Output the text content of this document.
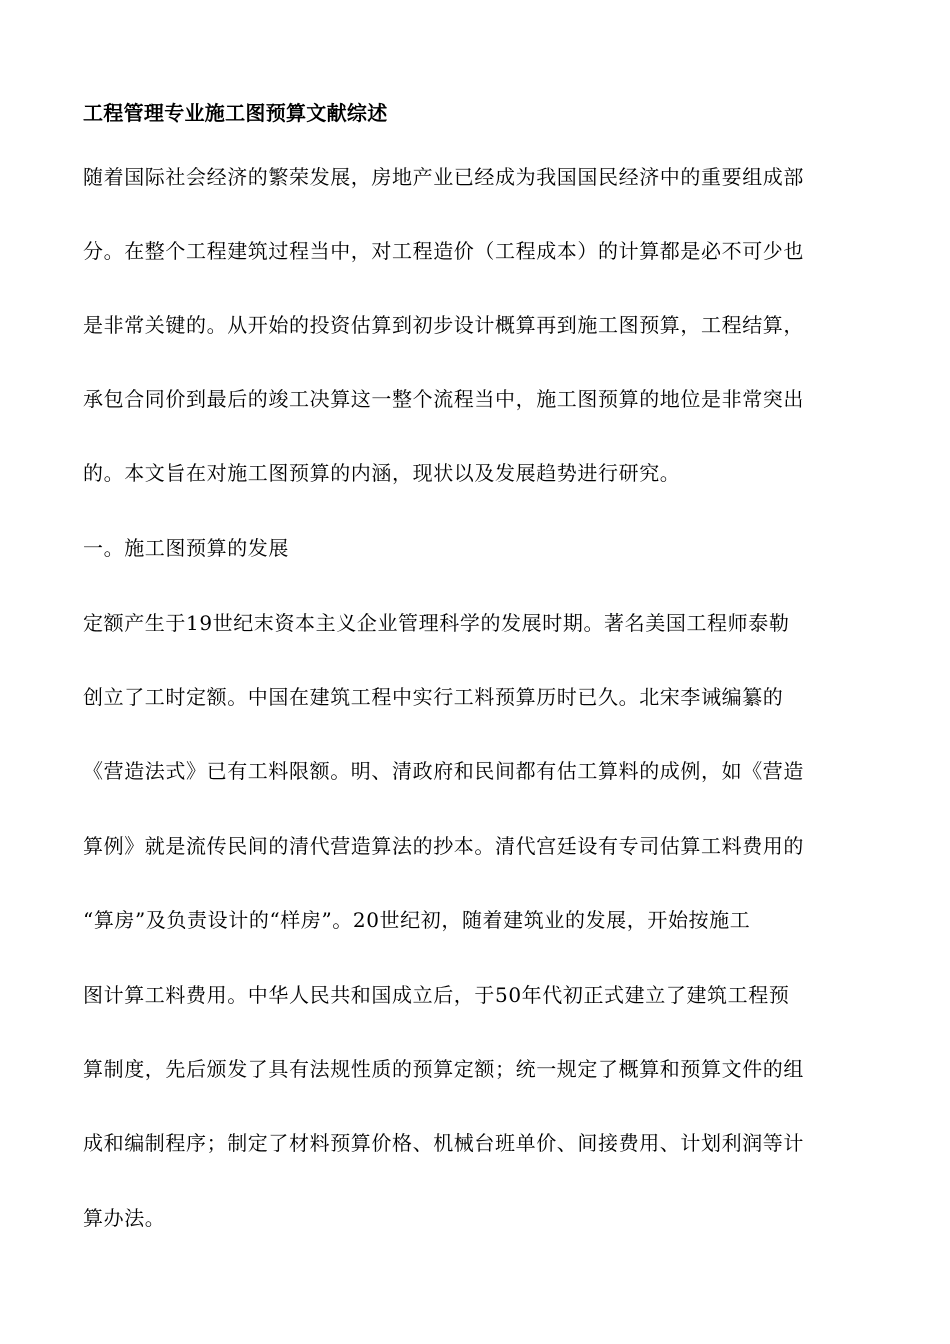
工程管理专业施工图预算文献综述
随着国际社会经济的繁荣发展，房地产业已经成为我国国民经济中的重要组成部
分。在整个工程建筑过程当中，对工程造价（工程成本）的计算都是必不可少也
是非常关键的。从开始的投资估算到初步设计概算再到施工图预算，工程结算，
承包合同价到最后的竣工决算这一整个流程当中，施工图预算的地位是非常突出
的。本文旨在对施工图预算的内涵，现状以及发展趋势进行研究。
一。施工图预算的发展
定额产生于19世纪末资本主义企业管理科学的发展时期。著名美国工程师泰勒
创立了工时定额。中国在建筑工程中实行工料预算历时已久。北宋李诫编纂的
《营造法式》已有工料限额。明、清政府和民间都有估工算料的成例，如《营造
算例》就是流传民间的清代营造算法的抄本。清代宫廷设有专司估算工料费用的
“算房”及负责设计的“样房”。20世纪初，随着建筑业的发展，开始按施工
图计算工料费用。中华人民共和国成立后，于50年代初正式建立了建筑工程预
算制度，先后颁发了具有法规性质的预算定额；统一规定了概算和预算文件的组
成和编制程序；制定了材料预算价格、机械台班单价、间接费用、计划利润等计
算办法。
